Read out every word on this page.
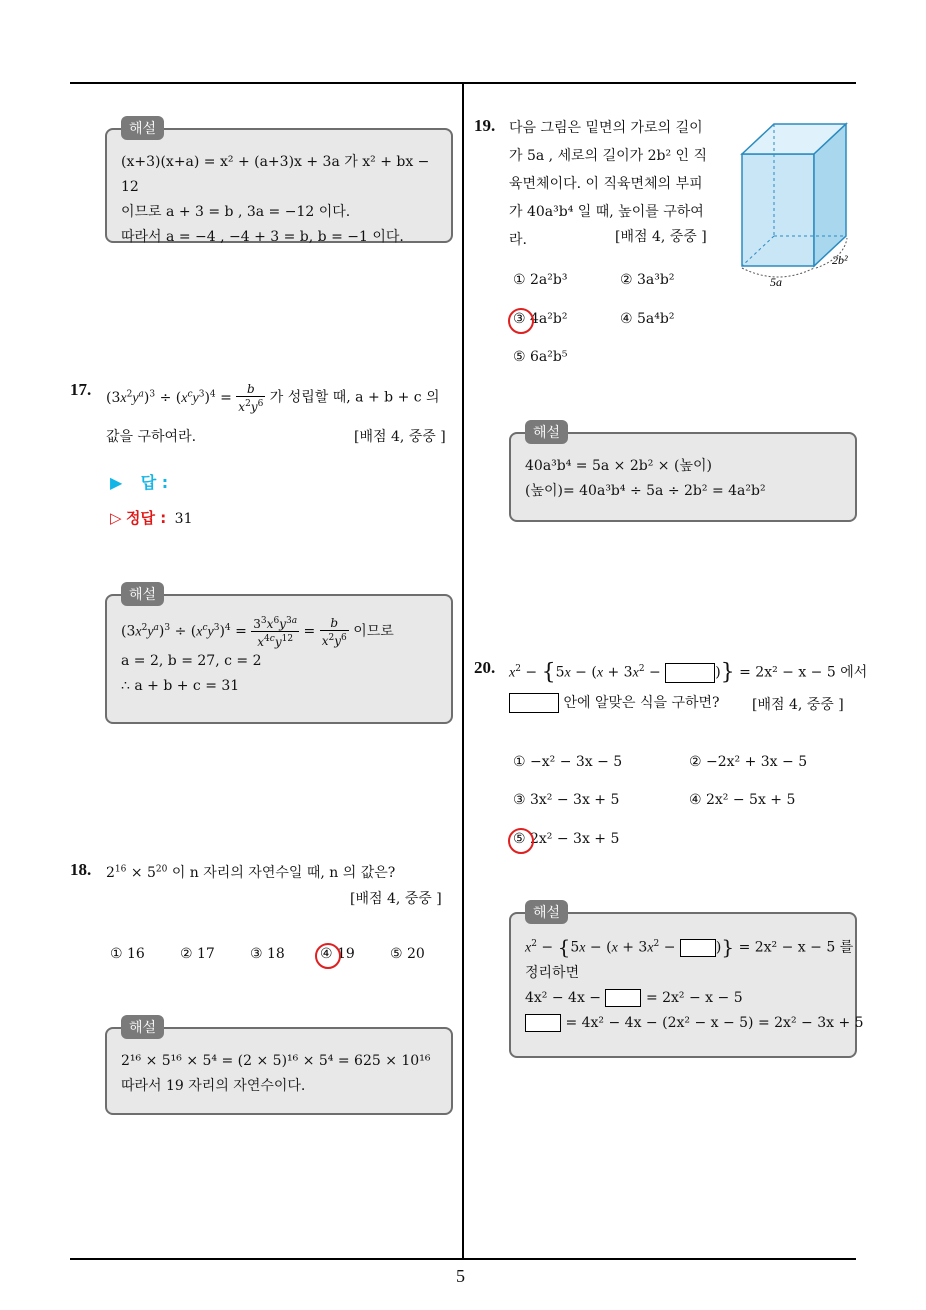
5
해설
(x+3)(x+a) = x² + (a+3)x + 3a 가 x² + bx − 12
이므로 a + 3 = b , 3a = −12 이다.
따라서 a = −4 , −4 + 3 = b, b = −1 이다.
17. $(3x^2y^a)^3 \div (x^cy^3)^4 = \frac{b}{x^2y^6}$ 가 성립할 때, a + b + c 의
값을 구하여라.	[배점 4, 중중 ]
▶ 답 :
▷ 정답 : 31
해설
$(3x^2y^a)^3 \div (x^cy^3)^4 = \frac{3^3x^6y^{3a}}{x^{4c}y^{12}} = \frac{b}{x^2y^6}$ 이므로
a = 2, b = 27, c = 2
∴ a + b + c = 31
18. $2^{16} \times 5^{20}$ 이 n 자리의 자연수일 때, n 의 값은?
[배점 4, 중중 ]
① 16	② 17	③ 18	④ 19	⑤ 20
해설
2¹⁶ × 5¹⁶ × 5⁴ = (2 × 5)¹⁶ × 5⁴ = 625 × 10¹⁶
따라서 19 자리의 자연수이다.
19. 다음 그림은 밑면의 가로의 길이
가 5a , 세로의 길이가 2b² 인 직
육면체이다. 이 직육면체의 부피
가 40a³b⁴ 일 때, 높이를 구하여
라.	[배점 4, 중중 ]
5a
2b²
① 2a²b³	② 3a³b²
③ 4a²b²	④ 5a⁴b²
⑤ 6a²b⁵
해설
40a³b⁴ = 5a × 2b² × (높이)
(높이)= 40a³b⁴ ÷ 5a ÷ 2b² = 4a²b²
20. $x^2 - \{5x - (x + 3x^2$ −	)} = 2x² − x − 5 에서
안에 알맞은 식을 구하면? [배점 4, 중중 ]
① −x² − 3x − 5	② −2x² + 3x − 5
③ 3x² − 3x + 5	④ 2x² − 5x + 5
⑤ 2x² − 3x + 5
해설
$x^2 - \{5x - (x + 3x^2$ −	)} = 2x² − x − 5 를
정리하면
4x² − 4x −	= 2x² − x − 5
= 4x² − 4x − (2x² − x − 5) = 2x² − 3x + 5
